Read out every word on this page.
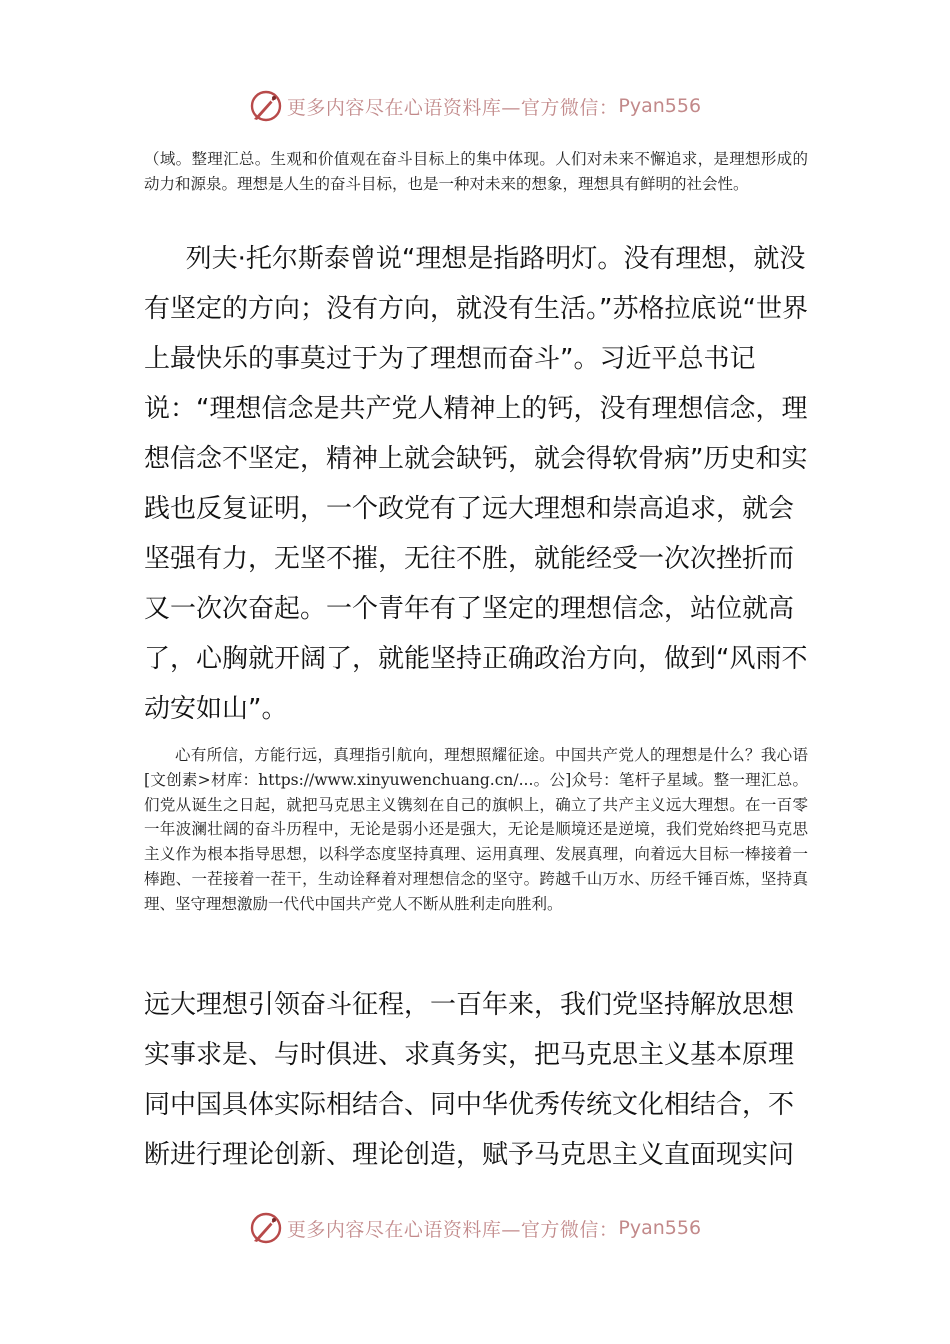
更多内容尽在心语资料库—官方微信： Pyan556

（域。整理汇总。生观和价值观在奋斗目标上的集中体现。人们对未来不懈追求，是理想形成的动力和源泉。理想是人生的奋斗目标，也是一种对未来的想象，理想具有鲜明的社会性。

列夫·托尔斯泰曾说“理想是指路明灯。没有理想，就没有坚定的方向；没有方向，就没有生活。”苏格拉底说“世界上最快乐的事莫过于为了理想而奋斗”。习近平总书记说：“理想信念是共产党人精神上的钙，没有理想信念，理想信念不坚定，精神上就会缺钙，就会得软骨病”历史和实践也反复证明，一个政党有了远大理想和崇高追求，就会坚强有力，无坚不摧，无往不胜，就能经受一次次挫折而又一次次奋起。一个青年有了坚定的理想信念，站位就高了，心胸就开阔了，就能坚持正确政治方向，做到“风雨不动安如山”。

心有所信，方能行远，真理指引航向，理想照耀征途。中国共产党人的理想是什么？我心语[文创素>材库：https://www.xinyuwenchuang.cn/...。公]众号：笔杆子星域。整一理汇总。们党从诞生之日起，就把马克思主义镌刻在自己的旗帜上，确立了共产主义远大理想。在一百零一年波澜壮阔的奋斗历程中，无论是弱小还是强大，无论是顺境还是逆境，我们党始终把马克思主义作为根本指导思想，以科学态度坚持真理、运用真理、发展真理，向着远大目标一棒接着一棒跑、一茬接着一茬干，生动诠释着对理想信念的坚守。跨越千山万水、历经千锤百炼，坚持真理、坚守理想激励一代代中国共产党人不断从胜利走向胜利。

远大理想引领奋斗征程，一百年来，我们党坚持解放思想实事求是、与时俱进、求真务实，把马克思主义基本原理同中国具体实际相结合、同中华优秀传统文化相结合，不断进行理论创新、理论创造，赋予马克思主义直面现实问

更多内容尽在心语资料库—官方微信： Pyan556
